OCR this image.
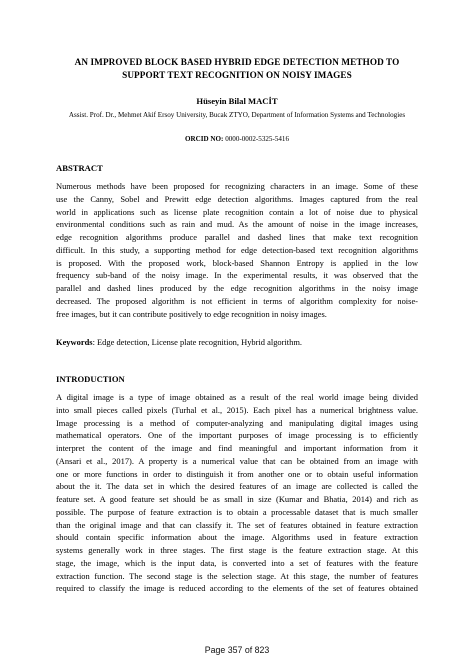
AN IMPROVED BLOCK BASED HYBRID EDGE DETECTION METHOD TO
SUPPORT TEXT RECOGNITION ON NOISY IMAGES
Hüseyin Bilal MACİT
Assist. Prof. Dr., Mehmet Akif Ersoy University, Bucak ZTYO, Department of Information Systems and Technologies
ORCID NO: 0000-0002-5325-5416
ABSTRACT
Numerous methods have been proposed for recognizing characters in an image. Some of these
use the Canny, Sobel and Prewitt edge detection algorithms. Images captured from the real
world in applications such as license plate recognition contain a lot of noise due to physical
environmental conditions such as rain and mud. As the amount of noise in the image increases,
edge recognition algorithms produce parallel and dashed lines that make text recognition
difficult. In this study, a supporting method for edge detection-based text recognition algorithms
is proposed. With the proposed work, block-based Shannon Entropy is applied in the low
frequency sub-band of the noisy image. In the experimental results, it was observed that the
parallel and dashed lines produced by the edge recognition algorithms in the noisy image
decreased. The proposed algorithm is not efficient in terms of algorithm complexity for noise-
free images, but it can contribute positively to edge recognition in noisy images.
Keywords: Edge detection, License plate recognition, Hybrid algorithm.
INTRODUCTION
A digital image is a type of image obtained as a result of the real world image being divided
into small pieces called pixels (Turhal et al., 2015). Each pixel has a numerical brightness value.
Image processing is a method of computer-analyzing and manipulating digital images using
mathematical operators. One of the important purposes of image processing is to efficiently
interpret the content of the image and find meaningful and important information from it
(Ansari et al., 2017). A property is a numerical value that can be obtained from an image with
one or more functions in order to distinguish it from another one or to obtain useful information
about the it. The data set in which the desired features of an image are collected is called the
feature set. A good feature set should be as small in size (Kumar and Bhatia, 2014) and rich as
possible. The purpose of feature extraction is to obtain a processable dataset that is much smaller
than the original image and that can classify it. The set of features obtained in feature extraction
should contain specific information about the image. Algorithms used in feature extraction
systems generally work in three stages. The first stage is the feature extraction stage. At this
stage, the image, which is the input data, is converted into a set of features with the feature
extraction function. The second stage is the selection stage. At this stage, the number of features
required to classify the image is reduced according to the elements of the set of features obtained
Page 357 of 823
